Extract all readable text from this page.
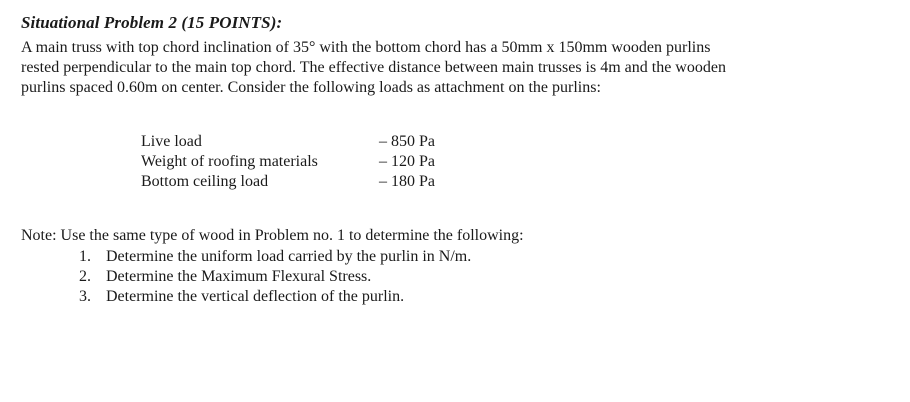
Situational Problem 2 (15 POINTS):
A main truss with top chord inclination of 35° with the bottom chord has a 50mm x 150mm wooden purlins
rested perpendicular to the main top chord. The effective distance between main trusses is 4m and the wooden
purlins spaced 0.60m on center. Consider the following loads as attachment on the purlins:
Live load	– 850 Pa
Weight of roofing materials	– 120 Pa
Bottom ceiling load	– 180 Pa
Note: Use the same type of wood in Problem no. 1 to determine the following:
1. Determine the uniform load carried by the purlin in N/m.
2. Determine the Maximum Flexural Stress.
3. Determine the vertical deflection of the purlin.
